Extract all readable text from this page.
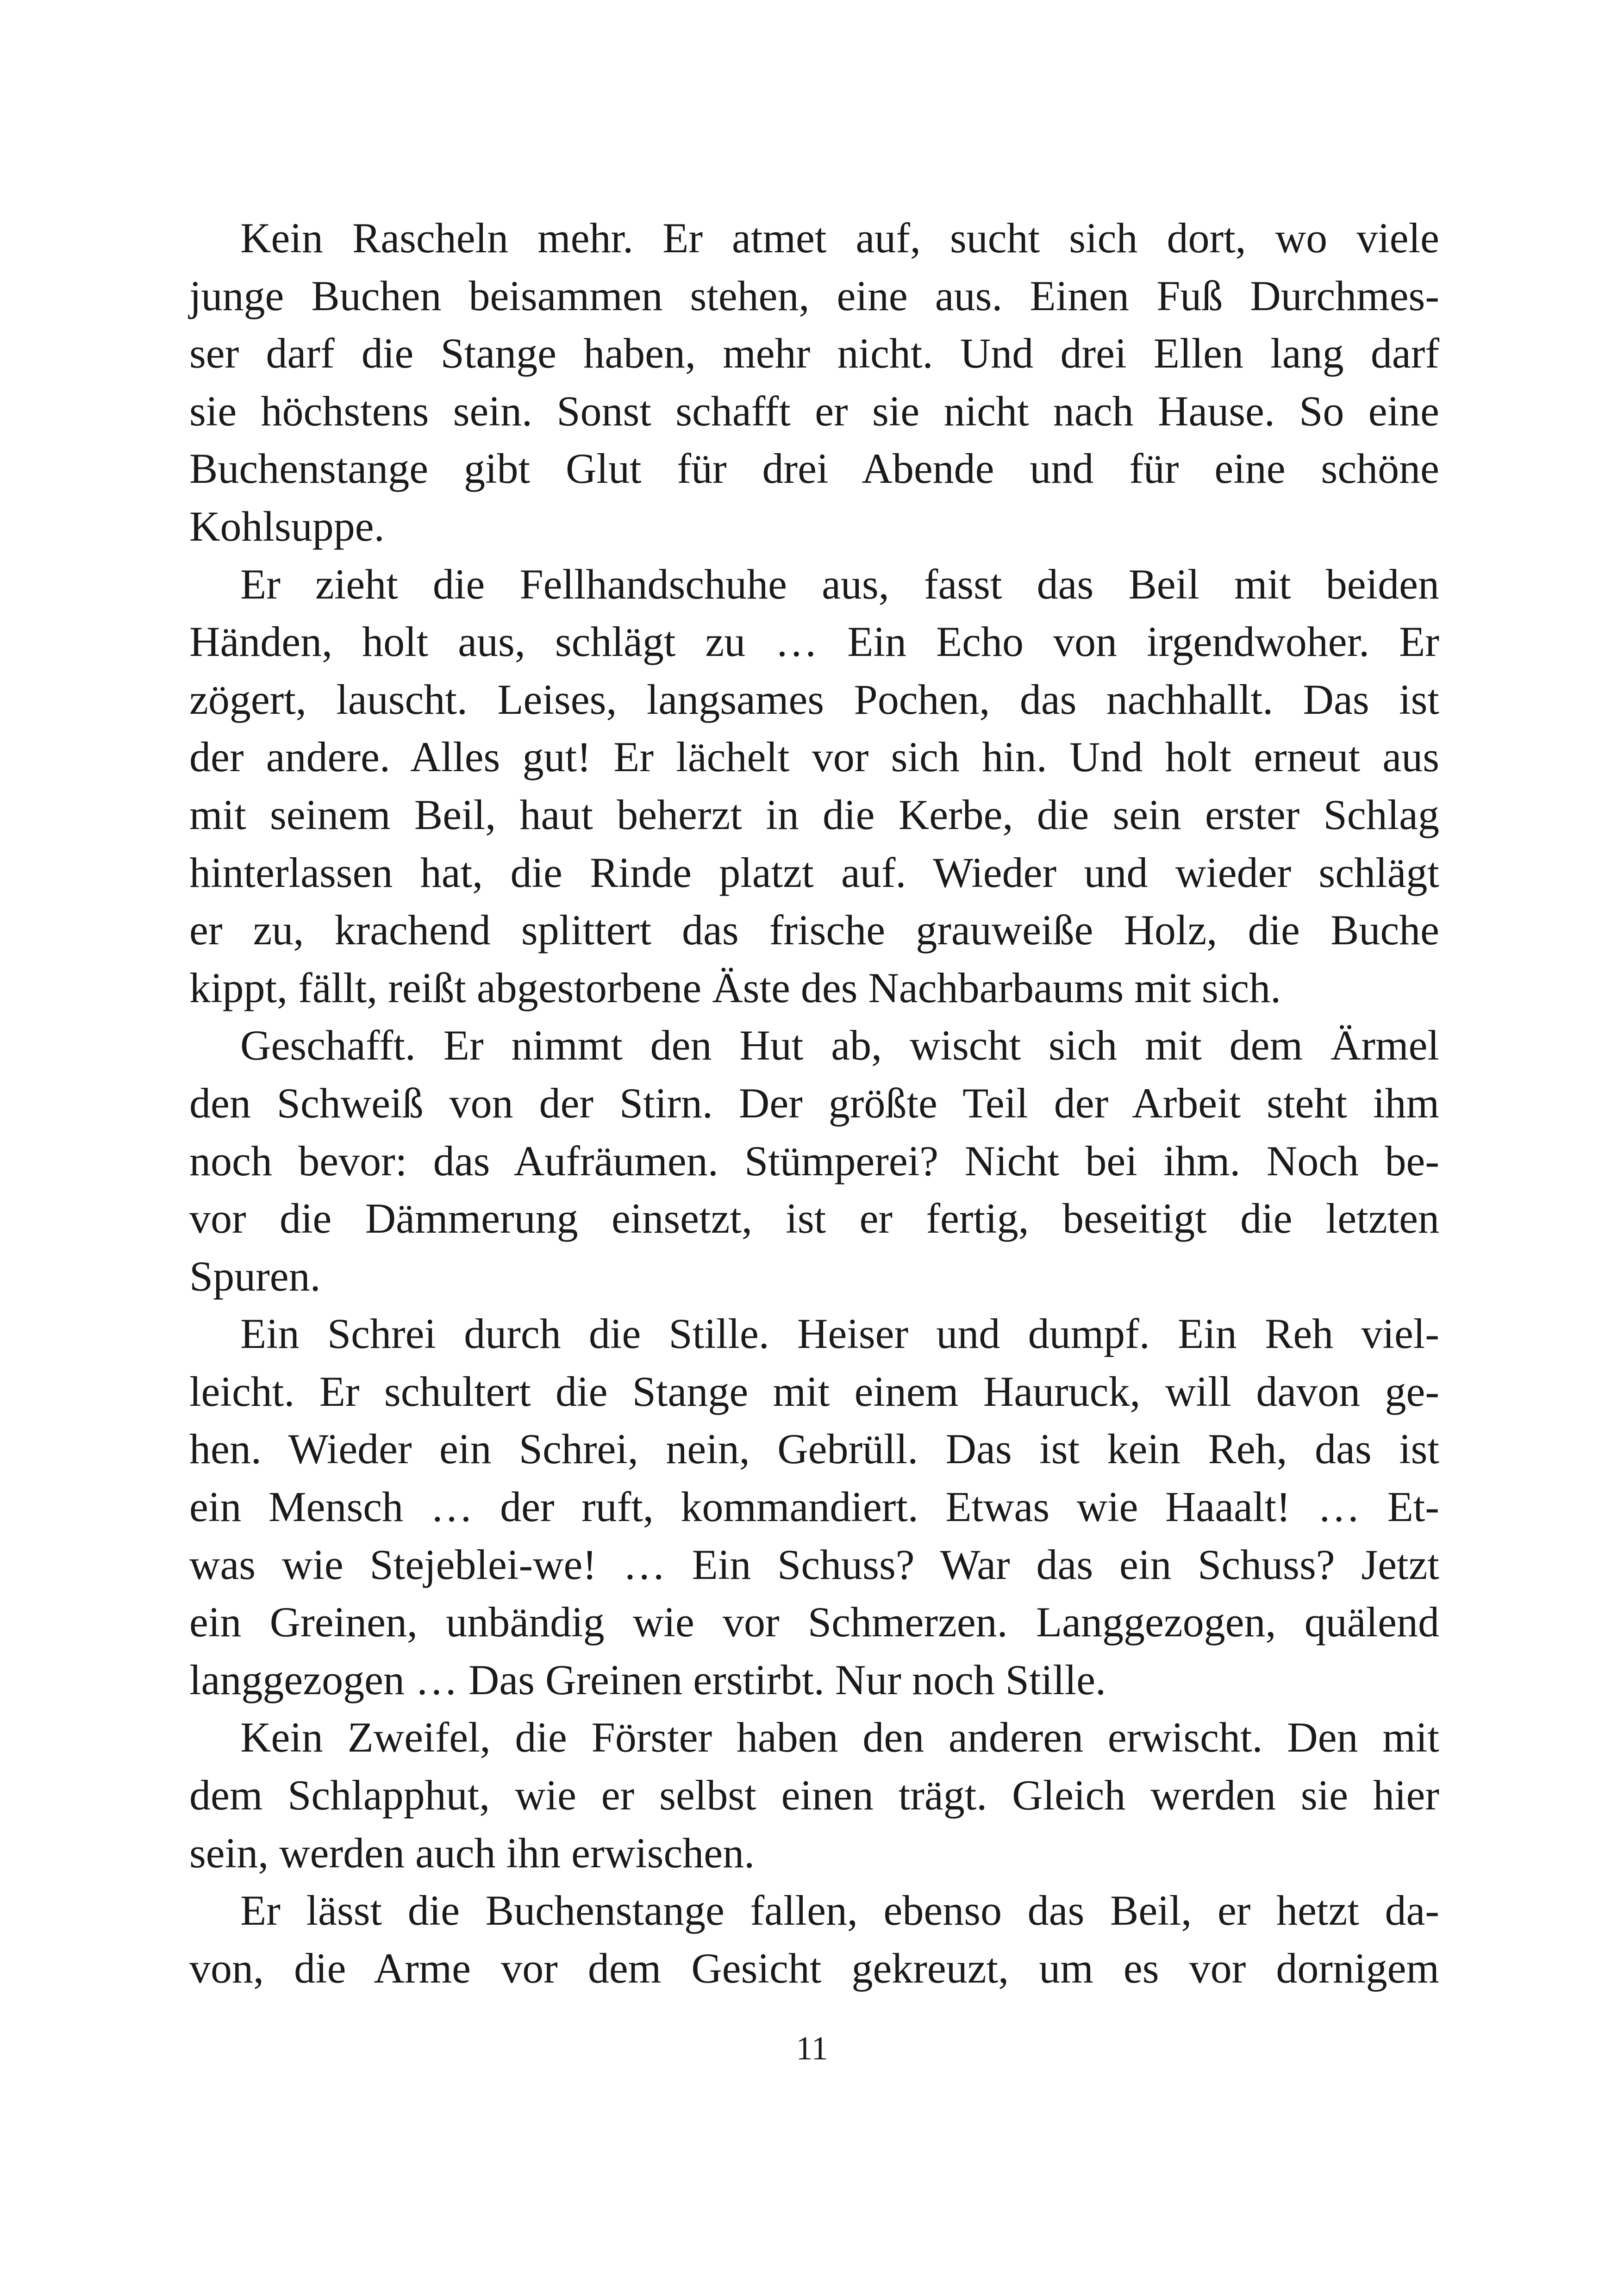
Kein Rascheln mehr. Er atmet auf, sucht sich dort, wo viele
junge Buchen beisammen stehen, eine aus. Einen Fuß Durchmes-
ser darf die Stange haben, mehr nicht. Und drei Ellen lang darf
sie höchstens sein. Sonst schafft er sie nicht nach Hause. So eine
Buchenstange gibt Glut für drei Abende und für eine schöne
Kohlsuppe.
Er zieht die Fellhandschuhe aus, fasst das Beil mit beiden
Händen, holt aus, schlägt zu … Ein Echo von irgendwoher. Er
zögert, lauscht. Leises, langsames Pochen, das nachhallt. Das ist
der andere. Alles gut! Er lächelt vor sich hin. Und holt erneut aus
mit seinem Beil, haut beherzt in die Kerbe, die sein erster Schlag
hinterlassen hat, die Rinde platzt auf. Wieder und wieder schlägt
er zu, krachend splittert das frische grauweiße Holz, die Buche
kippt, fällt, reißt abgestorbene Äste des Nachbarbaums mit sich.
Geschafft. Er nimmt den Hut ab, wischt sich mit dem Ärmel
den Schweiß von der Stirn. Der größte Teil der Arbeit steht ihm
noch bevor: das Aufräumen. Stümperei? Nicht bei ihm. Noch be-
vor die Dämmerung einsetzt, ist er fertig, beseitigt die letzten
Spuren.
Ein Schrei durch die Stille. Heiser und dumpf. Ein Reh viel-
leicht. Er schultert die Stange mit einem Hauruck, will davon ge-
hen. Wieder ein Schrei, nein, Gebrüll. Das ist kein Reh, das ist
ein Mensch … der ruft, kommandiert. Etwas wie Haaalt! … Et-
was wie Stejeblei-we! … Ein Schuss? War das ein Schuss? Jetzt
ein Greinen, unbändig wie vor Schmerzen. Langgezogen, quälend
langgezogen … Das Greinen erstirbt. Nur noch Stille.
Kein Zweifel, die Förster haben den anderen erwischt. Den mit
dem Schlapphut, wie er selbst einen trägt. Gleich werden sie hier
sein, werden auch ihn erwischen.
Er lässt die Buchenstange fallen, ebenso das Beil, er hetzt da-
von, die Arme vor dem Gesicht gekreuzt, um es vor dornigem
11
